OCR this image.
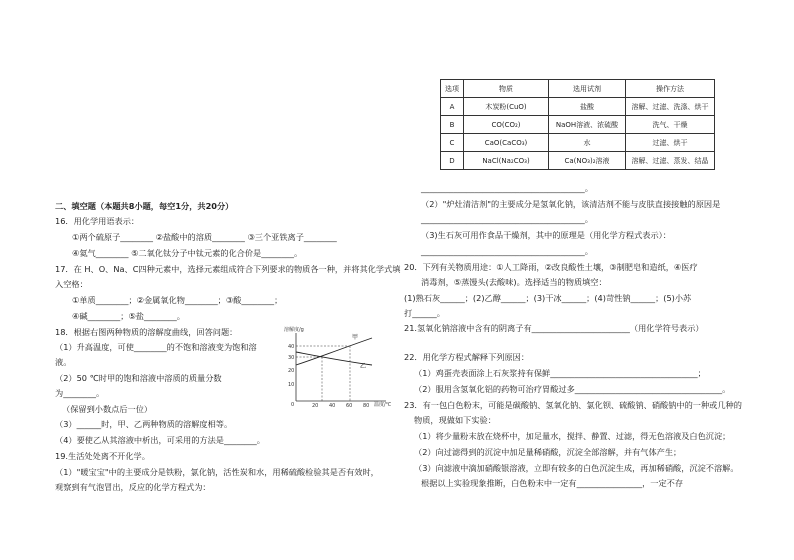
选项	物质	选用试剂	操作方法
A	木炭粉(CuO)	盐酸	溶解、过滤、洗涤、烘干
B	CO(CO₂)	NaOH溶液、浓硫酸	洗气、干燥
C	CaO(CaCO₃)	水	过滤、烘干
D	NaCl(Na₂CO₃)	Ca(NO₃)₂溶液	溶解、过滤、蒸发、结晶
二、填空题（本题共8小题，每空1分，共20分）
16．用化学用语表示：
①两个硫原子________ ②盐酸中的溶质________ ③三个亚铁离子________
④氦气________ ⑤二氧化钛分子中钛元素的化合价是________。
17．在 H、O、Na、C四种元素中，选择元素组成符合下列要求的物质各一种，并将其化学式填
入空格：
①单质________；②金属氧化物________；③酸________；
④碱________；⑤盐________。
18．根据右图两种物质的溶解度曲线，回答问题：
（1）升高温度，可使________的不饱和溶液变为饱和溶
液。
（2）50 ℃时甲的饱和溶液中溶质的质量分数
为________。
（保留到小数点后一位）
（3）______时，甲、乙两种物质的溶解度相等。
（4）要使乙从其溶液中析出，可采用的方法是________。
19.生活处处离不开化学。
（1）"暖宝宝"中的主要成分是铁粉，氯化钠，活性炭和水，用稀硫酸检验其是否有效时，
观察到有气泡冒出，反应的化学方程式为：
溶解度/g
40
30
20
10
0	20 40 60 80 温度/℃
甲
乙
________________________________________。
（2）"炉灶清洁剂"的主要成分是氢氧化钠，该清洁剂不能与皮肤直接接触的原因是
________________________________________。
（3)生石灰可用作食品干燥剂，其中的原理是（用化学方程式表示）：
________________________________________。
20．下列有关物质用途：①人工降雨，②改良酸性土壤，③制肥皂和造纸，④医疗
消毒剂，⑤蒸馒头(去酸味)。选择适当的物质填空：
(1)熟石灰______；(2)乙醇______；(3)干冰______；(4)苛性钠______；(5)小苏
打______。
21.氢氧化钠溶液中含有的阴离子有________________________（用化学符号表示）
22．用化学方程式解释下列原因：
（1）鸡蛋壳表面涂上石灰浆持有保鲜____________________________________；
（2）服用含氢氧化铝的药物可治疗胃酸过多____________________________________。
23．有一包白色粉末，可能是碳酸钠、氢氧化钠、氯化钡、硫酸钠、硝酸钠中的一种或几种的
物质，现做如下实验：
（1）将少量粉末放在烧杯中，加足量水，搅拌、静置、过滤，得无色溶液及白色沉淀；
（2）向过滤得到的沉淀中加足量稀硝酸，沉淀全部溶解，并有气体产生；
（3）向滤液中滴加硝酸银溶液，立即有较多的白色沉淀生成，再加稀硝酸，沉淀不溶解。
根据以上实验现象推断，白色粉末中一定有________________，一定不存
